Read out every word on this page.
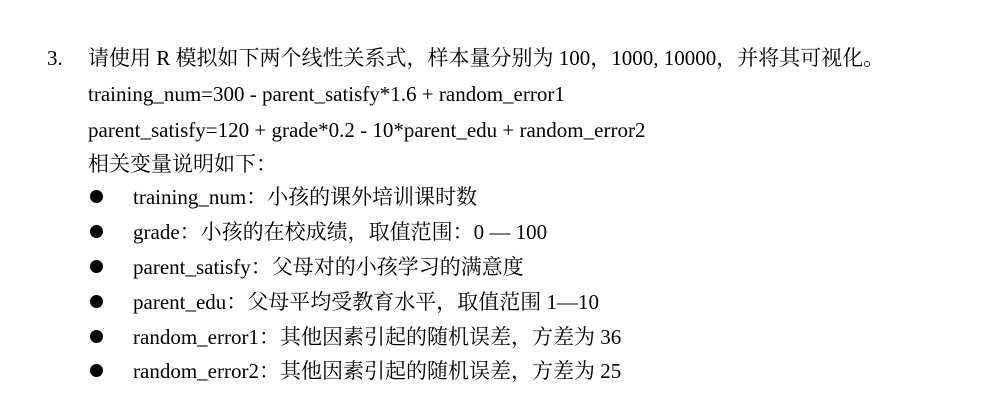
3. 请使用 R 模拟如下两个线性关系式，样本量分别为 100，1000, 10000，并将其可视化。
training_num=300 - parent_satisfy*1.6 + random_error1
parent_satisfy=120 + grade*0.2 - 10*parent_edu + random_error2
相关变量说明如下：
training_num：小孩的课外培训课时数
grade：小孩的在校成绩，取值范围：0 — 100
parent_satisfy：父母对的小孩学习的满意度
parent_edu：父母平均受教育水平，取值范围 1—10
random_error1：其他因素引起的随机误差，方差为 36
random_error2：其他因素引起的随机误差，方差为 25
